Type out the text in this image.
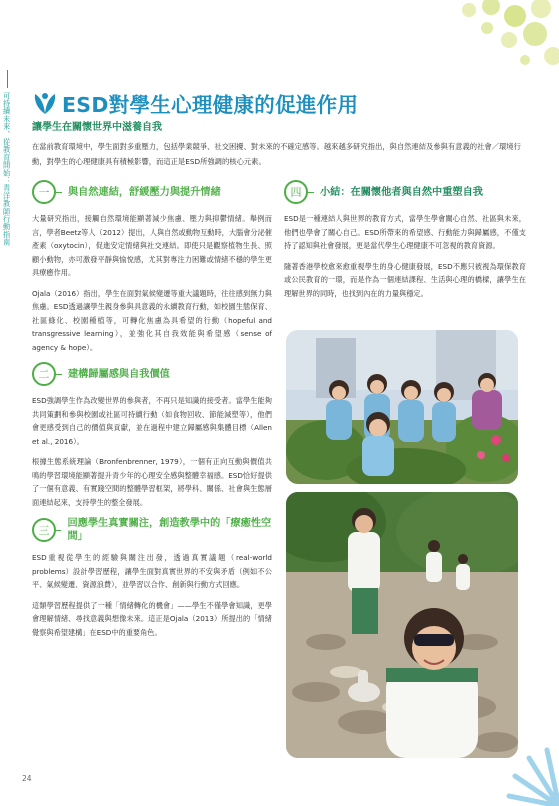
可持續未來，從教育開始：青洋教師行動指南 ESD對學生心理健康的促進作用
讓學生在關懷世界中滋養自我
在當前教育環境中，學生面對多重壓力，包括學業競爭、社交困擾、對未來的不確定感等。越來越多研究指出，與自然連結及參與有意義的社會／環境行動，對學生的心理健康具有積極影響，而這正是ESD所強調的核心元素。
一	與自然連結，舒緩壓力與提升情緒

大量研究指出，接觸自然環境能顯著減少焦慮、壓力與抑鬱情緒。舉例而言，學者Beetz等人（2012）提出，人與自然或動物互動時，大腦會分泌催產素（oxytocin），促進安定情緒與社交連結。即使只是觀察植物生長、照顧小動物，亦可激發平靜與愉悅感，尤其對專注力困難或情緒不穩的學生更具療癒作用。

Ojala（2016）指出，學生在面對氣候變遷等重大議題時，往往感到無力與焦慮。ESD透過讓學生親身參與具意義的永續教育行動，如校園生態保育、社區綠化、校園種植等，可轉化焦慮為具希望的行動（hopeful and transgressive learning），並強化其自我效能與希望感（sense of agency & hope）。

二	建構歸屬感與自我價值

ESD強調學生作為改變世界的參與者，不再只是知識的接受者。當學生能夠共同策劃和參與校園或社區可持續行動（如食物回收、節能減塑等），他們會更感受到自己的價值與貢獻，並在過程中建立歸屬感與集體目標（Allen et al., 2016）。

根據生態系統理論（Bronfenbrenner, 1979），一個有正向互動與價值共鳴的學習環境能顯著提升青少年的心理安全感與整體幸福感。ESD恰好提供了一個有意義、有實踐空間的整體學習框架，將學科、關係、社會與生態層面連結起來，支持學生的整全發展。

三
回應學生真實關注，創造教學中的「療癒性空間」

ESD重視從學生的經驗與關注出發，透過真實議題（real-world problems）設計學習歷程，讓學生面對真實世界的不安與矛盾（例如不公平、氣候變遷、資源浪費），並學習以合作、創新與行動方式回應。

這類學習歷程提供了一種「情緒轉化的機會」——學生不僅學會知識，更學會理解情緒、尋找意義與想像未來。這正是Ojala（2013）所提出的「情緒覺察與希望建構」在ESD中的重要角色。

四	小結：在關懷他者與自然中重塑自我

ESD是一種連結人與世界的教育方式，當學生學會關心自然、社區與未來，他們也學會了關心自己。ESD所帶來的希望感、行動能力與歸屬感，不僅支持了認知與社會發展，更是當代學生心理健康不可忽視的教育資源。

隨著香港學校愈來愈重視學生的身心健康發展，ESD不應只被視為環保教育或公民教育的一環，而是作為一個連結課程、生活與心理的橋樑，讓學生在理解世界的同時，也找到內在的力量與穩定。

24
